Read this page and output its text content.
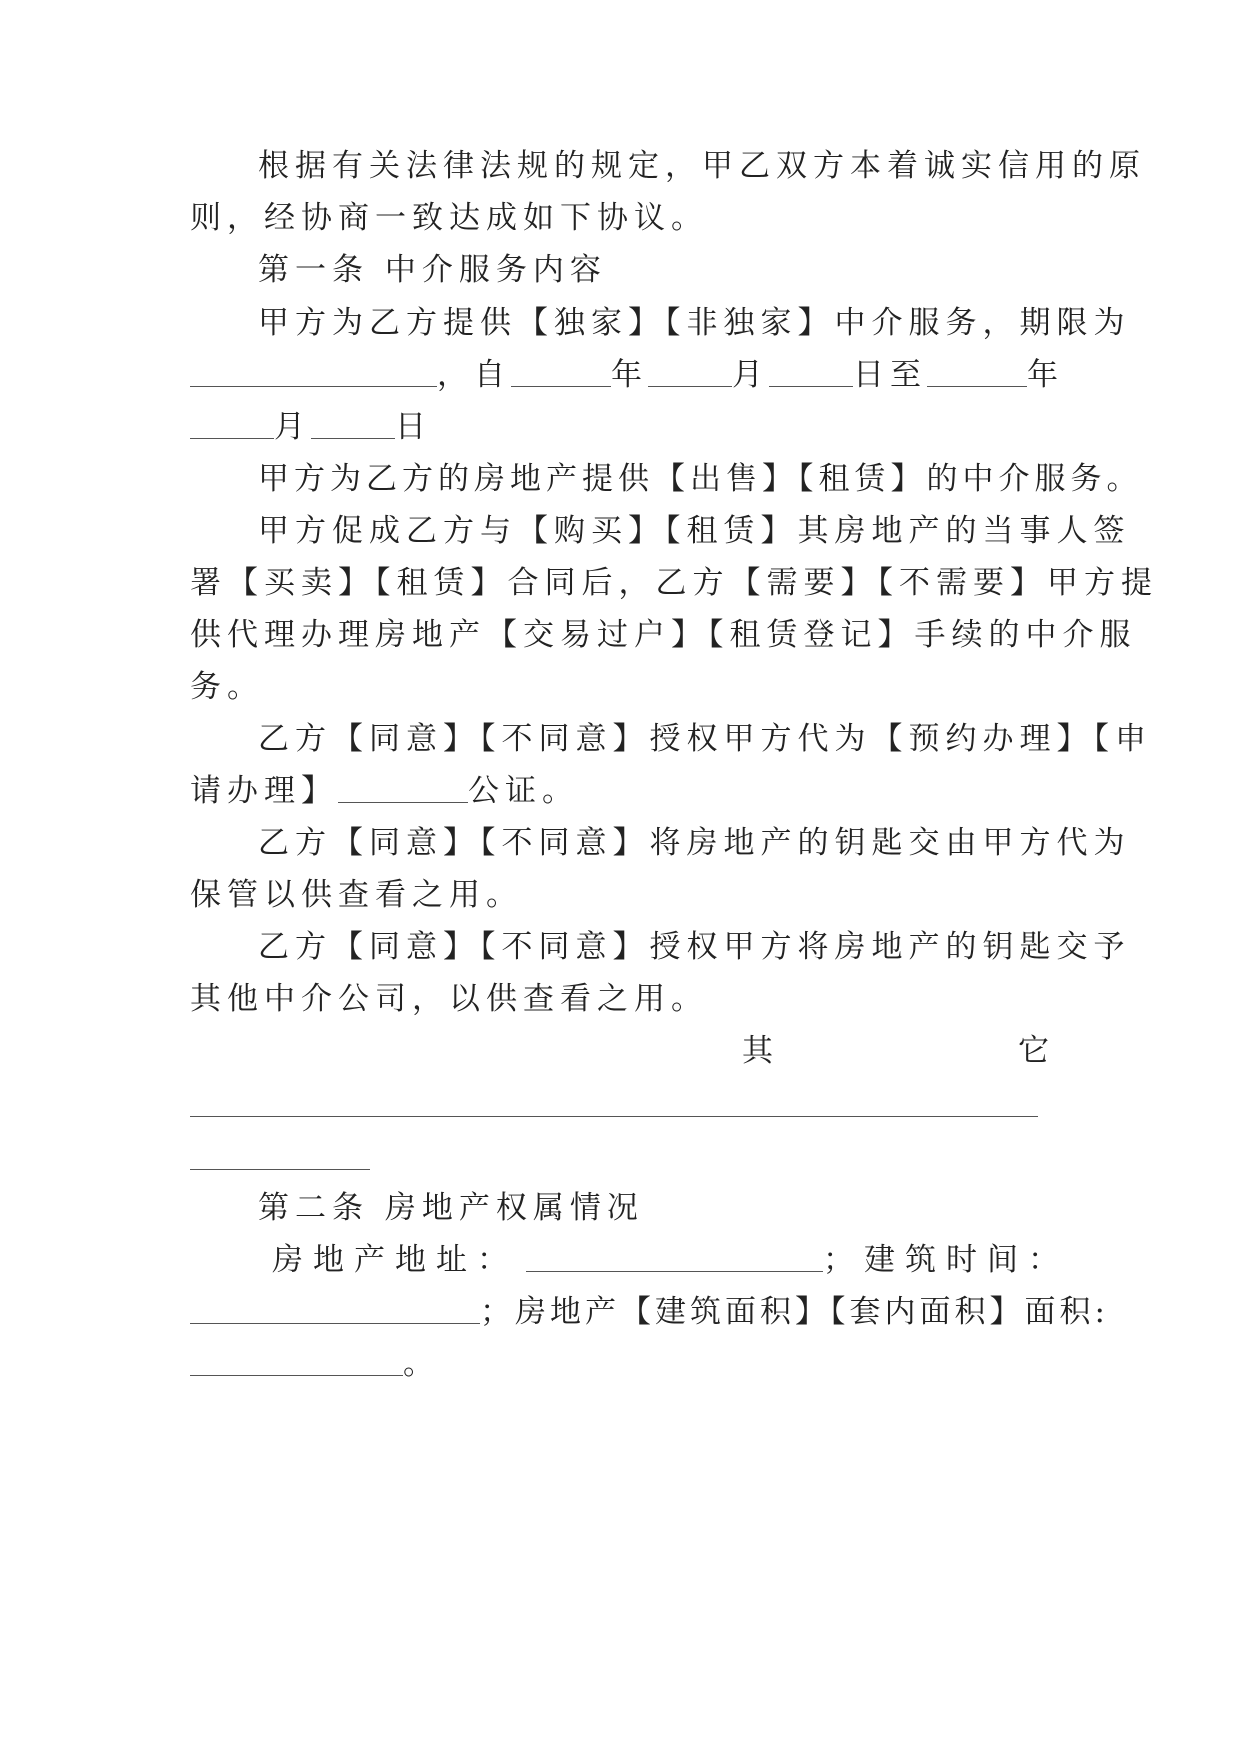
根据有关法律法规的规定，甲乙双方本着诚实信用的原
则，经协商一致达成如下协议。
第一条 中介服务内容
甲方为乙方提供【独家】【非独家】中介服务，期限为
，自	年	月	日至	年
月	日
甲方为乙方的房地产提供【出售】【租赁】的中介服务。
甲方促成乙方与【购买】【租赁】其房地产的当事人签
署【买卖】【租赁】合同后，乙方【需要】【不需要】甲方提
供代理办理房地产【交易过户】【租赁登记】手续的中介服
务。
乙方【同意】【不同意】授权甲方代为【预约办理】【申
请办理】	公证。
乙方【同意】【不同意】将房地产的钥匙交由甲方代为
保管以供查看之用。
乙方【同意】【不同意】授权甲方将房地产的钥匙交予
其他中介公司，以供查看之用。
其	它
第二条 房地产权属情况
房地产地址：	；建筑时间：
；房地产【建筑面积】【套内面积】面积:
。
